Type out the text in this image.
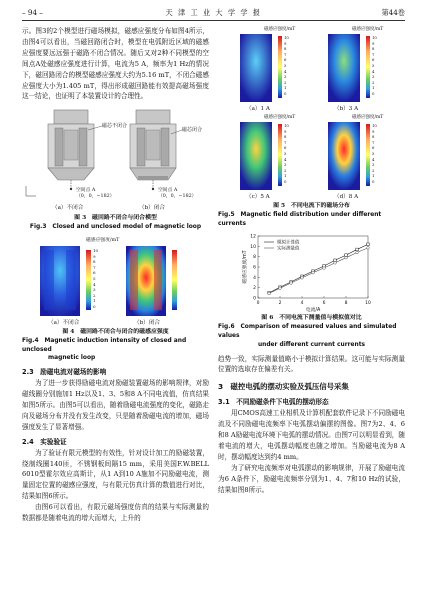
– 94 –	天 津 工 业 大 学 学 报	第44卷

示。图3的2个模型进行磁场模拟，磁感应强度分布如图4所示，由图4可以看出，当磁回路闭合时，模型在电弧附近区域的磁感应强度要远远强于磁路不闭合情况。随后又对2种不同模型的空间点A处磁感应强度进行计算，电流为5 A，频率为1 Hz的情况下，磁回路闭合的模型磁感应强度大约为5.16 mT，不闭合磁感应强度大小为1.405 mT，得出形成磁回路能有效提高磁场强度这一结论，也证明了本装置设计的合理性。

磁芯不闭合
磁芯闭合
空间点 A
（0，0，−182）
空间点 A
（0，0，−182）
（a）不闭合	（b）闭合
图 3　磁回路不闭合与闭合模型
Fig.3　Closed and unclosed model of magnetic loop
磁感应强度/mT
10
9
8
7
6
5
4
3
2
1
0
（a）不闭合	（b）闭合
图 4　磁回路不闭合与闭合的磁感应强度
Fig.4　Magnetic induction intensity of closed and unclosed
magnetic loop
2.3　励磁电流对磁场的影响

为了进一步获得励磁电流对励磁装置磁场的影响规律，对励磁线圈分别施加1 Hz以及1、3、5和8 A不同电流值，仿真结果如图5所示。由图5可以看出，随着励磁电流强度的变化，磁路走向及磁场分布并没有发生改变，只是随着励磁电流的增加，磁场强度发生了显著增强。

2.4　实验验证

为了验证有限元模型的有效性，针对设计加工的励磁装置，绕制线圈140匝，不锈钢板间隔15 mm，采用美国F.W.BELL 6010型霍尔效应高斯计，从1 A到10 A施加不同励磁电流，测量固定位置的磁感应强度，与有限元仿真计算的数值进行对比，结果如图6所示。

由图6可以看出，有限元磁场强度仿真的结果与实际测量的数据都是随着电流的增大而增大，上升的

磁感应强度/mT	磁感应强度/mT
磁感应强度/mT	磁感应强度/mT
10
9
8
7
6
5
4
3
2
1
0
10
9
8
7
6
5
4
3
2
1
0
10
9
8
7
6
5
4
3
2
1
0
10
9
8
7
6
5
4
3
2
1
0
（a）1 A	（b）3 A
（c）5 A	（d）8 A
图 5　不同电流下的磁场分布
Fig.5　Magnetic field distribution under different currents
0	2	4	6	8	10
0
2
4
6
8
10
12
电流/A
磁感应强度/mT
模拟计算值
实际测量值
图 6　不同电流下测量值与模拟值对比
Fig.6　Comparison of measured values and simulated values
under different current currents

趋势一致，实际测量值略小于模拟计算结果。这可能与实际测量位置的选取存在偏差有关。

3　磁控电弧的摆动实验及弧压信号采集
3.1　不同励磁条件下电弧的摆动形态

用CMOS高速工业相机及计算机配套软件记录下不同励磁电流及不同励磁电流频率下电弧摆动偏摆的图像。图7为2、4、6和8 A励磁电流环境下电弧的摆动情况。由图7可以明显看到，随着电流的增大，电弧摆动幅度也随之增加。当励磁电流为8 A时，摆动幅度达到约4 mm。

为了研究电流频率对电弧摆动的影响规律，开展了励磁电流为6 A条件下，励磁电流频率分别为1、4、7和10 Hz的试验，结果如图8所示。
